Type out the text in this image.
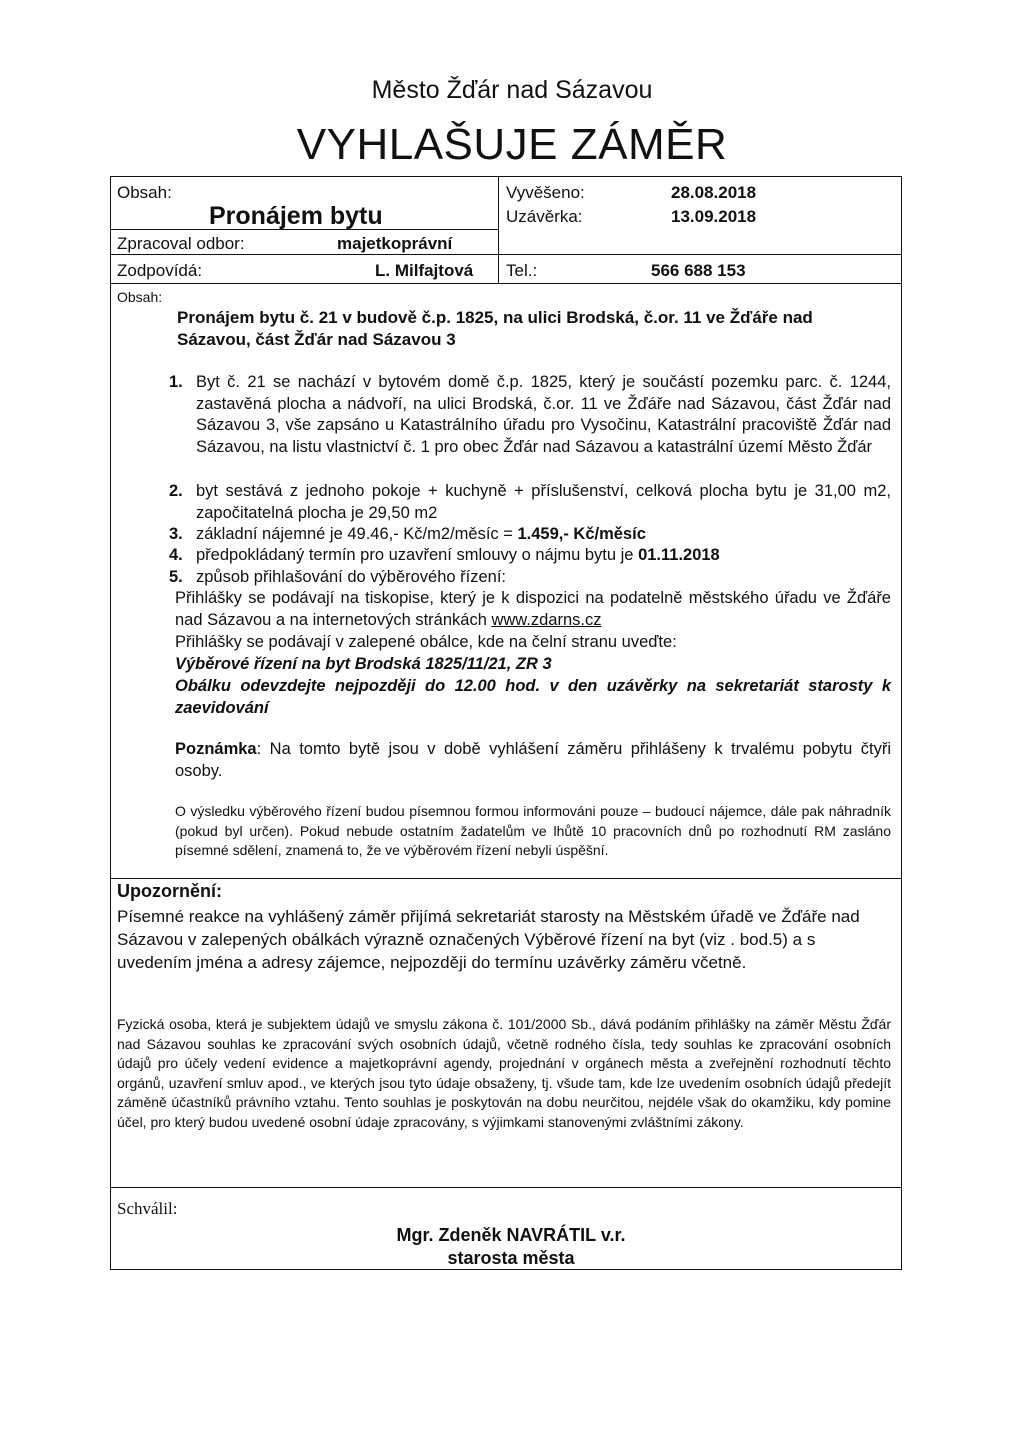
Město Žďár nad Sázavou
VYHLAŠUJE ZÁMĚR
Obsah:
Pronájem bytu
Vyvěšeno:	28.08.2018
Uzávěrka:	13.09.2018
Zpracoval odbor:	majetkoprávní
Zodpovídá:	L. Milfajtová Tel.:	566 688 153
Obsah:
Pronájem bytu č. 21 v budově č.p. 1825, na ulici Brodská, č.or. 11 ve Žďáře nad Sázavou, část Žďár nad Sázavou 3
1. Byt č. 21 se nachází v bytovém domě č.p. 1825, který je součástí pozemku parc. č. 1244, zastavěná plocha a nádvoří, na ulici Brodská, č.or. 11 ve Žďáře nad Sázavou, část Žďár nad Sázavou 3, vše zapsáno u Katastrálního úřadu pro Vysočinu, Katastrální pracoviště Žďár nad Sázavou, na listu vlastnictví č. 1 pro obec Žďár nad Sázavou a katastrální území Město Žďár
2. byt sestává z jednoho pokoje + kuchyně + příslušenství, celková plocha bytu je 31,00 m2, započitatelná plocha je 29,50 m2
3. základní nájemné je 49.46,- Kč/m2/měsíc = 1.459,- Kč/měsíc
4. předpokládaný termín pro uzavření smlouvy o nájmu bytu je 01.11.2018
5. způsob přihlašování do výběrového řízení:
Přihlášky se podávají na tiskopise, který je k dispozici na podatelně městského úřadu ve Žďáře nad Sázavou a na internetových stránkách www.zdarns.cz
Přihlášky se podávají v zalepené obálce, kde na čelní stranu uveďte:
Výběrové řízení na byt Brodská 1825/11/21, ZR 3
Obálku odevzdejte nejpozději do 12.00 hod. v den uzávěrky na sekretariát starosty k zaevidování
Poznámka: Na tomto bytě jsou v době vyhlášení záměru přihlášeny k trvalému pobytu čtyři osoby.
O výsledku výběrového řízení budou písemnou formou informováni pouze – budoucí nájemce, dále pak náhradník (pokud byl určen). Pokud nebude ostatním žadatelům ve lhůtě 10 pracovních dnů po rozhodnutí RM zasláno písemné sdělení, znamená to, že ve výběrovém řízení nebyli úspěšní.
Upozornění:
Písemné reakce na vyhlášený záměr přijímá sekretariát starosty na Městském úřadě ve Žďáře nad Sázavou v zalepených obálkách výrazně označených Výběrové řízení na byt (viz . bod.5) a s uvedením jména a adresy zájemce, nejpozději do termínu uzávěrky záměru včetně.
Fyzická osoba, která je subjektem údajů ve smyslu zákona č. 101/2000 Sb., dává podáním přihlášky na záměr Městu Žďár nad Sázavou souhlas ke zpracování svých osobních údajů, včetně rodného čísla, tedy souhlas ke zpracování osobních údajů pro účely vedení evidence a majetkoprávní agendy, projednání v orgánech města a zveřejnění rozhodnutí těchto orgánů, uzavření smluv apod., ve kterých jsou tyto údaje obsaženy, tj. všude tam, kde lze uvedením osobních údajů předejít záměně účastníků právního vztahu. Tento souhlas je poskytován na dobu neurčitou, nejdéle však do okamžiku, kdy pomine účel, pro který budou uvedené osobní údaje zpracovány, s výjimkami stanovenými zvláštními zákony.
Schválil:
Mgr. Zdeněk NAVRÁTIL v.r.
starosta města
